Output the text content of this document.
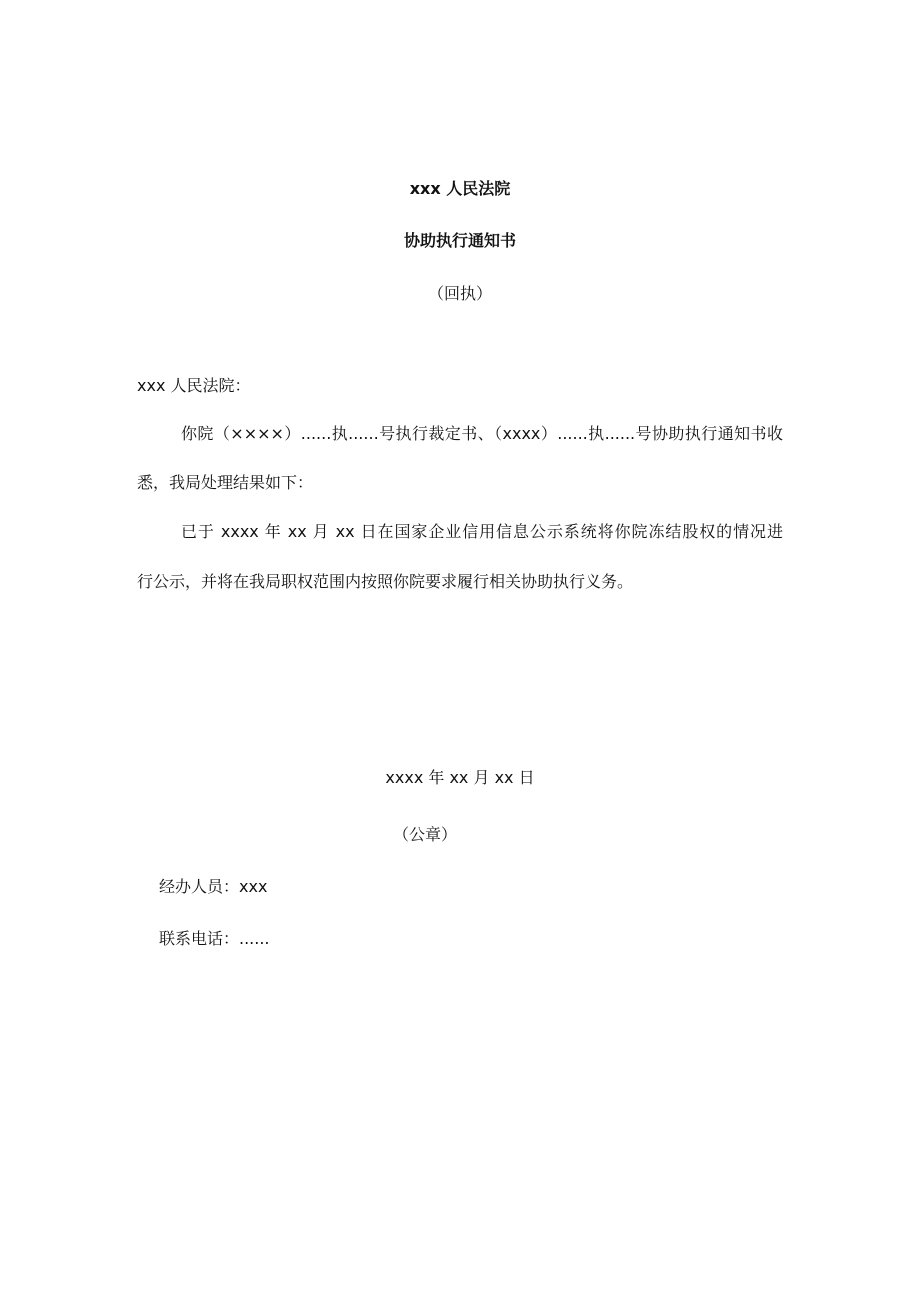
xxx 人民法院

协助执行通知书

（回执）

xxx 人民法院：

你院（××××）......执......号执行裁定书、（xxxx）......执......号协助执行通知书收

悉，我局处理结果如下：

已于 xxxx 年 xx 月 xx 日在国家企业信用信息公示系统将你院冻结股权的情况进

行公示，并将在我局职权范围内按照你院要求履行相关协助执行义务。

xxxx 年 xx 月 xx 日

（公章）

经办人员：xxx

联系电话：......
